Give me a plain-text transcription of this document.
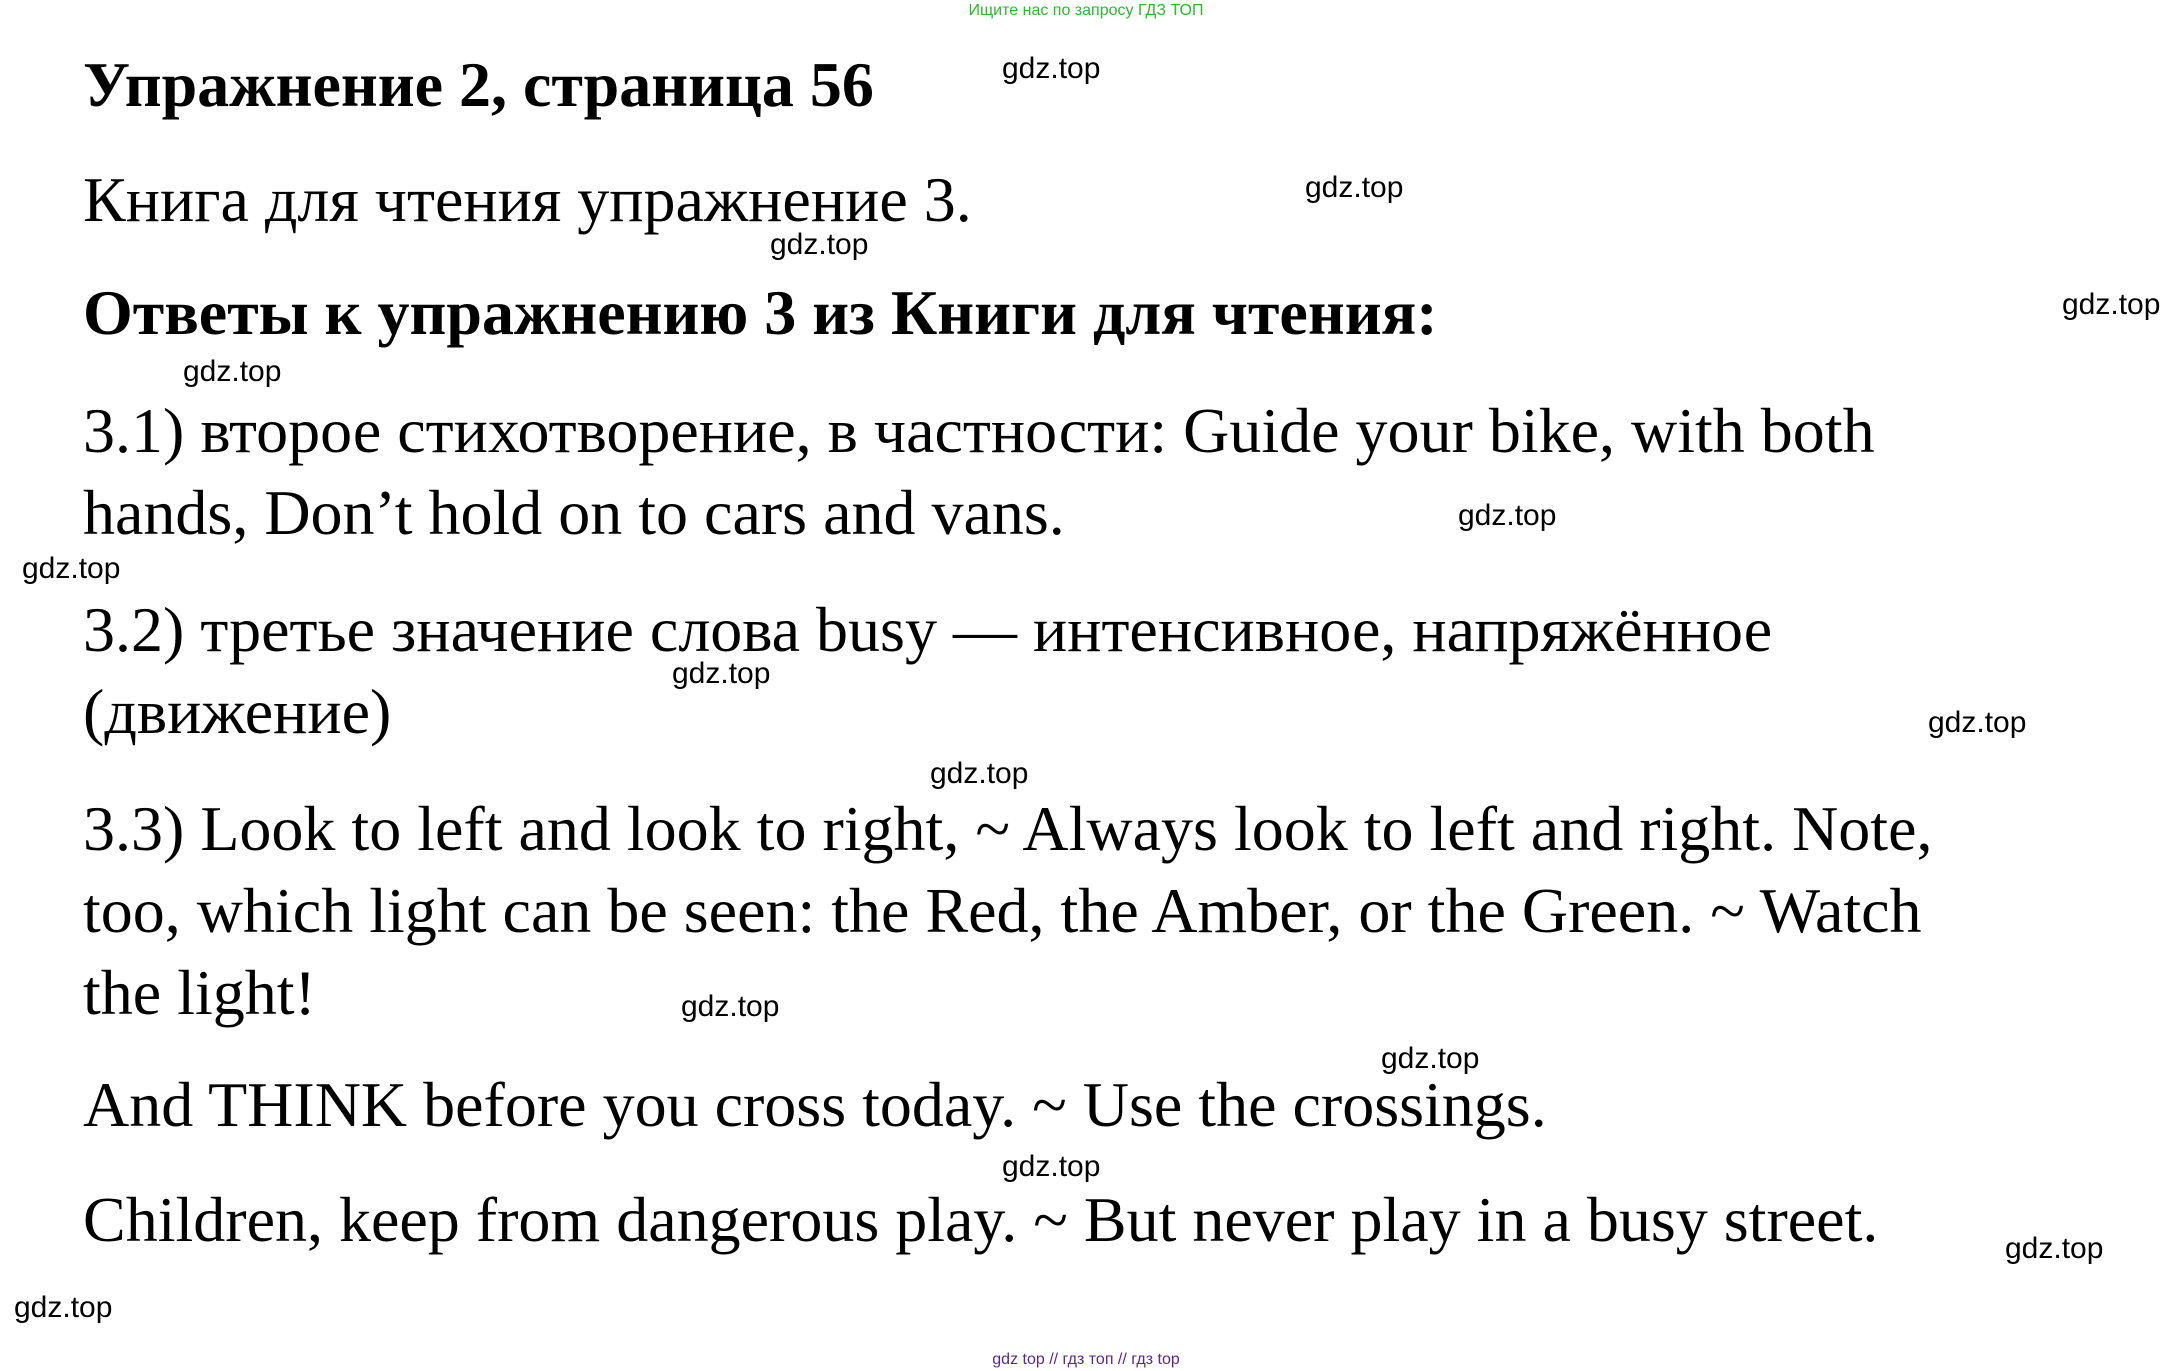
Ищите нас по запросу ГДЗ ТОП
Упражнение 2, страница 56
Книга для чтения упражнение 3.
Ответы к упражнению 3 из Книги для чтения:
3.1) второе стихотворение, в частности: Guide your bike, with both
hands, Don’t hold on to cars and vans.
3.2) третье значение слова busy — интенсивное, напряжённое
(движение)
3.3) Look to left and look to right, ~ Always look to left and right. Note,
too, which light can be seen: the Red, the Amber, or the Green. ~ Watch
the light!
And THINK before you cross today. ~ Use the crossings.
Children, keep from dangerous play. ~ But never play in a busy street.
gdz.top
gdz.top
gdz.top
gdz.top
gdz.top
gdz.top
gdz.top
gdz.top
gdz.top
gdz.top
gdz.top
gdz.top
gdz.top
gdz.top
gdz.top
gdz top // гдз топ // гдз top
